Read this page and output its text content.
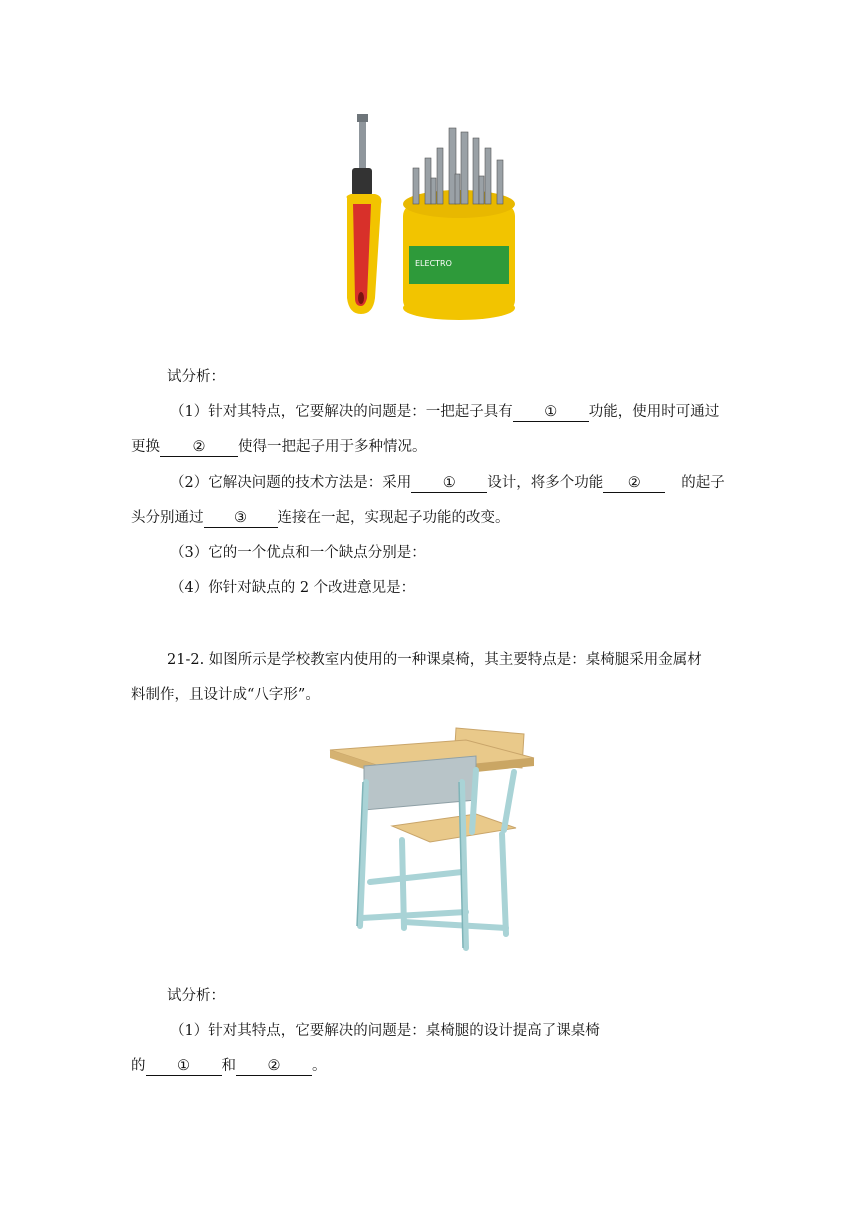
ELECTRO
试分析：
（1）针对其特点，它要解决的问题是：一把起子具有 ① 功能，使用时可通过
更换 ② 使得一把起子用于多种情况。
（2）它解决问题的技术方法是：采用 ① 设计，将多个功能 ②	的起子
头分别通过 ③ 连接在一起，实现起子功能的改变。
（3）它的一个优点和一个缺点分别是：
（4）你针对缺点的 2 个改进意见是：
21-2. 如图所示是学校教室内使用的一种课桌椅，其主要特点是：桌椅腿采用金属材
料制作，且设计成“八字形”。
试分析：
（1）针对其特点，它要解决的问题是：桌椅腿的设计提高了课桌椅
的 ① 和 ② 。
